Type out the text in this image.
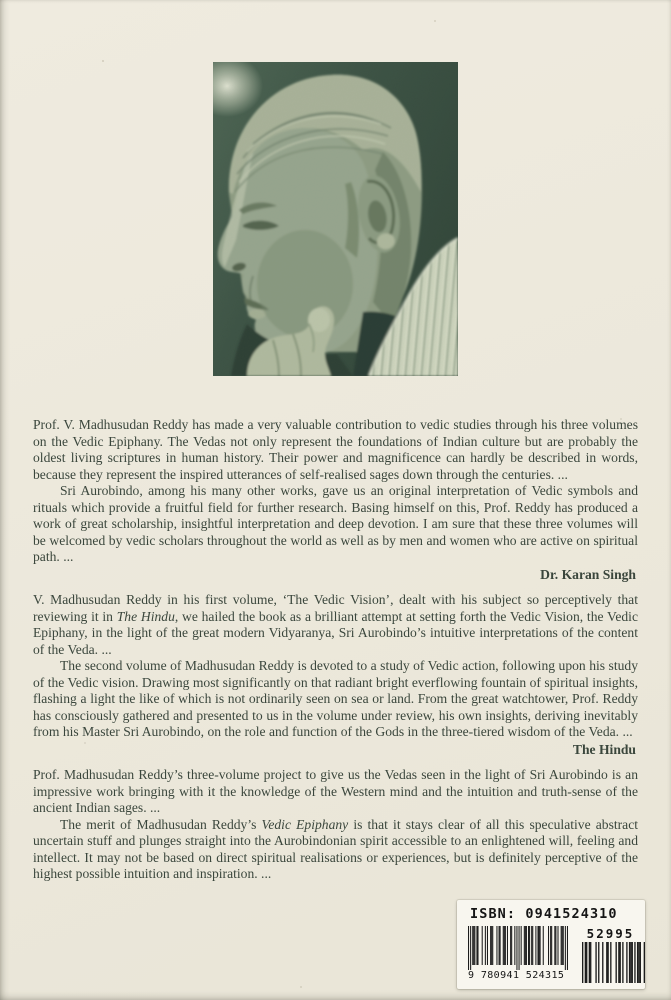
Prof. V. Madhusudan Reddy has made a very valuable contribution to vedic studies through his three volumes on the Vedic Epiphany. The Vedas not only represent the foundations of Indian culture but are probably the oldest living scriptures in human history. Their power and magnificence can hardly be described in words, because they represent the inspired utterances of self-realised sages down through the centuries. ...

Sri Aurobindo, among his many other works, gave us an original interpretation of Vedic symbols and rituals which provide a fruitful field for further research. Basing himself on this, Prof. Reddy has produced a work of great scholarship, insightful interpretation and deep devotion. I am sure that these three volumes will be welcomed by vedic scholars throughout the world as well as by men and women who are active on spiritual path. ...

Dr. Karan Singh

V. Madhusudan Reddy in his first volume, ‘The Vedic Vision’, dealt with his subject so perceptively that reviewing it in The Hindu, we hailed the book as a brilliant attempt at setting forth the Vedic Vision, the Vedic Epiphany, in the light of the great modern Vidyaranya, Sri Aurobindo’s intuitive interpretations of the content of the Veda. ...

The second volume of Madhusudan Reddy is devoted to a study of Vedic action, following upon his study of the Vedic vision. Drawing most significantly on that radiant bright everflowing fountain of spiritual insights, flashing a light the like of which is not ordinarily seen on sea or land. From the great watchtower, Prof. Reddy has consciously gathered and presented to us in the volume under review, his own insights, deriving inevitably from his Master Sri Aurobindo, on the role and function of the Gods in the three-tiered wisdom of the Veda. ...

The Hindu

Prof. Madhusudan Reddy’s three-volume project to give us the Vedas seen in the light of Sri Aurobindo is an impressive work bringing with it the knowledge of the Western mind and the intuition and truth-sense of the ancient Indian sages. ...

The merit of Madhusudan Reddy’s Vedic Epiphany is that it stays clear of all this speculative abstract uncertain stuff and plunges straight into the Aurobindonian spirit accessible to an enlightened will, feeling and intellect. It may not be based on direct spiritual realisations or experiences, but is definitely perceptive of the highest possible intuition and inspiration. ...

ISBN: 0941524310
9 780941 524315
52995
